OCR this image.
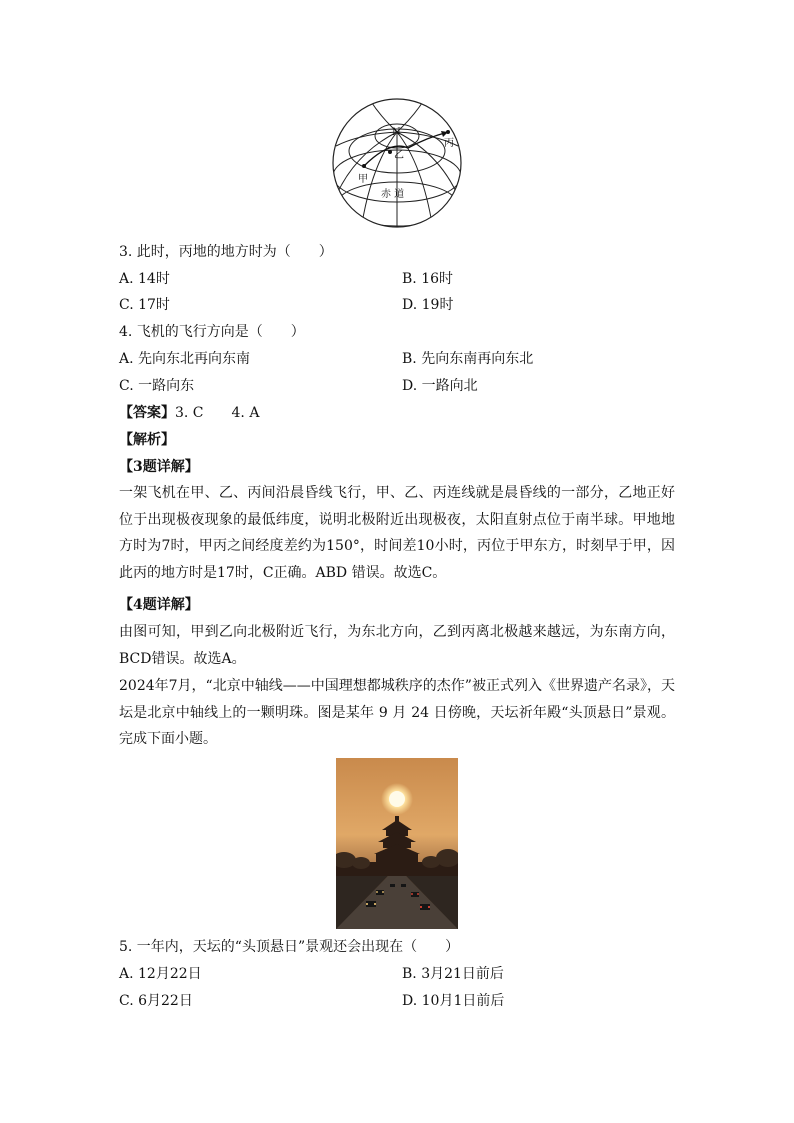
N
甲
乙
丙
赤 道
3. 此时，丙地的地方时为（　　）
A. 14时	B. 16时
C. 17时	D. 19时
4. 飞机的飞行方向是（　　）
A. 先向东北再向东南	B. 先向东南再向东北
C. 一路向东	D. 一路向北
【答案】3. C　　4. A
【解析】
【3题详解】
一架飞机在甲、乙、丙间沿晨昏线飞行，甲、乙、丙连线就是晨昏线的一部分，乙地正好位于出现极夜现象的最低纬度，说明北极附近出现极夜，太阳直射点位于南半球。甲地地方时为7时，甲丙之间经度差约为150°，时间差10小时，丙位于甲东方，时刻早于甲，因此丙的地方时是17时，C正确。ABD 错误。故选C。
【4题详解】
由图可知，甲到乙向北极附近飞行，为东北方向，乙到丙离北极越来越远，为东南方向，BCD错误。故选A。
2024年7月，“北京中轴线——中国理想都城秩序的杰作”被正式列入《世界遗产名录》，天坛是北京中轴线上的一颗明珠。图是某年 9 月 24 日傍晚，天坛祈年殿“头顶悬日”景观。完成下面小题。
5. 一年内，天坛的“头顶悬日”景观还会出现在（　　）
A. 12月22日	B. 3月21日前后
C. 6月22日	D. 10月1日前后
